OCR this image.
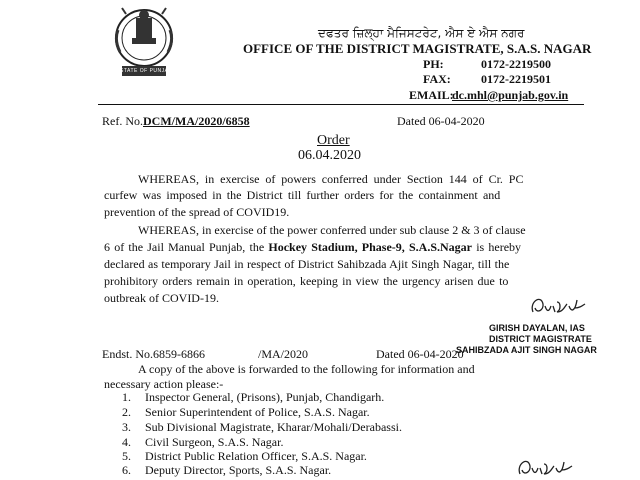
STATE OF PUNJAB
ਦਫਤਰ ਜ਼ਿਲ੍ਹਾ ਮੈਜਿਸਟਰੇਟ, ਐਸ ਏ ਐਸ ਨਗਰ
OFFICE OF THE DISTRICT MAGISTRATE, S.A.S. NAGAR
PH:	0172-2219500
FAX:	0172-2219501
EMAIL:
dc.mhl@punjab.gov.in
Ref. No.DCM/MA/2020/6858	Dated 06-04-2020
Order
06.04.2020
WHEREAS, in exercise of powers conferred under Section 144 of Cr. PC
curfew was imposed in the District till further orders for the containment and
prevention of the spread of COVID19.
WHEREAS, in exercise of the power conferred under sub clause 2 & 3 of clause
6 of the Jail Manual Punjab, the Hockey Stadium, Phase-9, S.A.S.Nagar is hereby
declared as temporary Jail in respect of District Sahibzada Ajit Singh Nagar, till the
prohibitory orders remain in operation, keeping in view the urgency arisen due to
outbreak of COVID-19.
GIRISH DAYALAN, IAS
DISTRICT MAGISTRATE
SAHIBZADA AJIT SINGH NAGAR
Endst. No.6859-6866	/MA/2020	Dated 06-04-2020
A copy of the above is forwarded to the following for information and
necessary action please:-
1. Inspector General, (Prisons), Punjab, Chandigarh.
2. Senior Superintendent of Police, S.A.S. Nagar.
3. Sub Divisional Magistrate, Kharar/Mohali/Derabassi.
4. Civil Surgeon, S.A.S. Nagar.
5. District Public Relation Officer, S.A.S. Nagar.
6. Deputy Director, Sports, S.A.S. Nagar.
